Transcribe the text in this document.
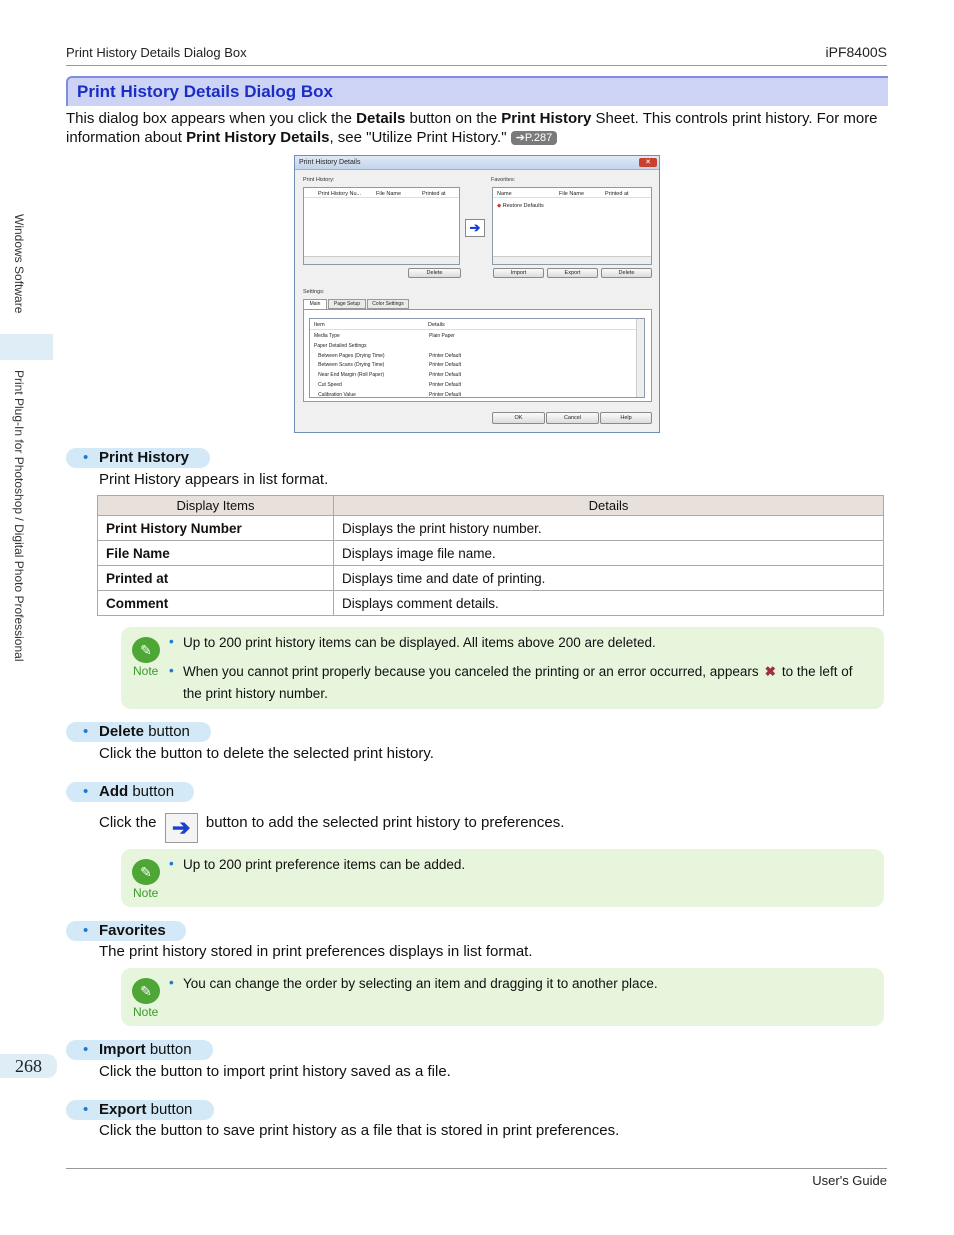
Print History Details Dialog Box	iPF8400S
Windows Software
Print Plug-In for Photoshop / Digital Photo Professional
Print History Details Dialog Box
This dialog box appears when you click the Details button on the Print History Sheet. This controls print history. For more information about Print History Details, see "Utilize Print History." ➔P.287
Print History Details	✕
Print History:	Favorites:
Print History Nu...	File Name	Printed at
➔
Name	File Name	Printed at
◆ Restore Defaults
Delete	Import	Export	Delete
Settings:
Main	Page Setup	Color Settings
Item	Details
Media Type	Plain Paper
Paper Detailed Settings
Between Pages (Drying Time)	Printer Default
Between Scans (Drying Time)	Printer Default
Near End Margin (Roll Paper)	Printer Default
Cut Speed	Printer Default
Calibration Value	Printer Default
OK	Cancel	Help
• Print History
Print History appears in list format.
Display Items	Details
Print History Number	Displays the print history number.
File Name	Displays image file name.
Printed at	Displays time and date of printing.
Comment	Displays comment details.
✎
Note
• Up to 200 print history items can be displayed. All items above 200 are deleted.
• When you cannot print properly because you canceled the printing or an error occurred, appears ✖ to the left of the print history number.
• Delete button
Click the button to delete the selected print history.
• Add button
Click the ➔ button to add the selected print history to preferences.
✎
Note
• Up to 200 print preference items can be added.
• Favorites
The print history stored in print preferences displays in list format.
✎
Note
• You can change the order by selecting an item and dragging it to another place.
• Import button
Click the button to import print history saved as a file.
• Export button
Click the button to save print history as a file that is stored in print preferences.
268
User's Guide
